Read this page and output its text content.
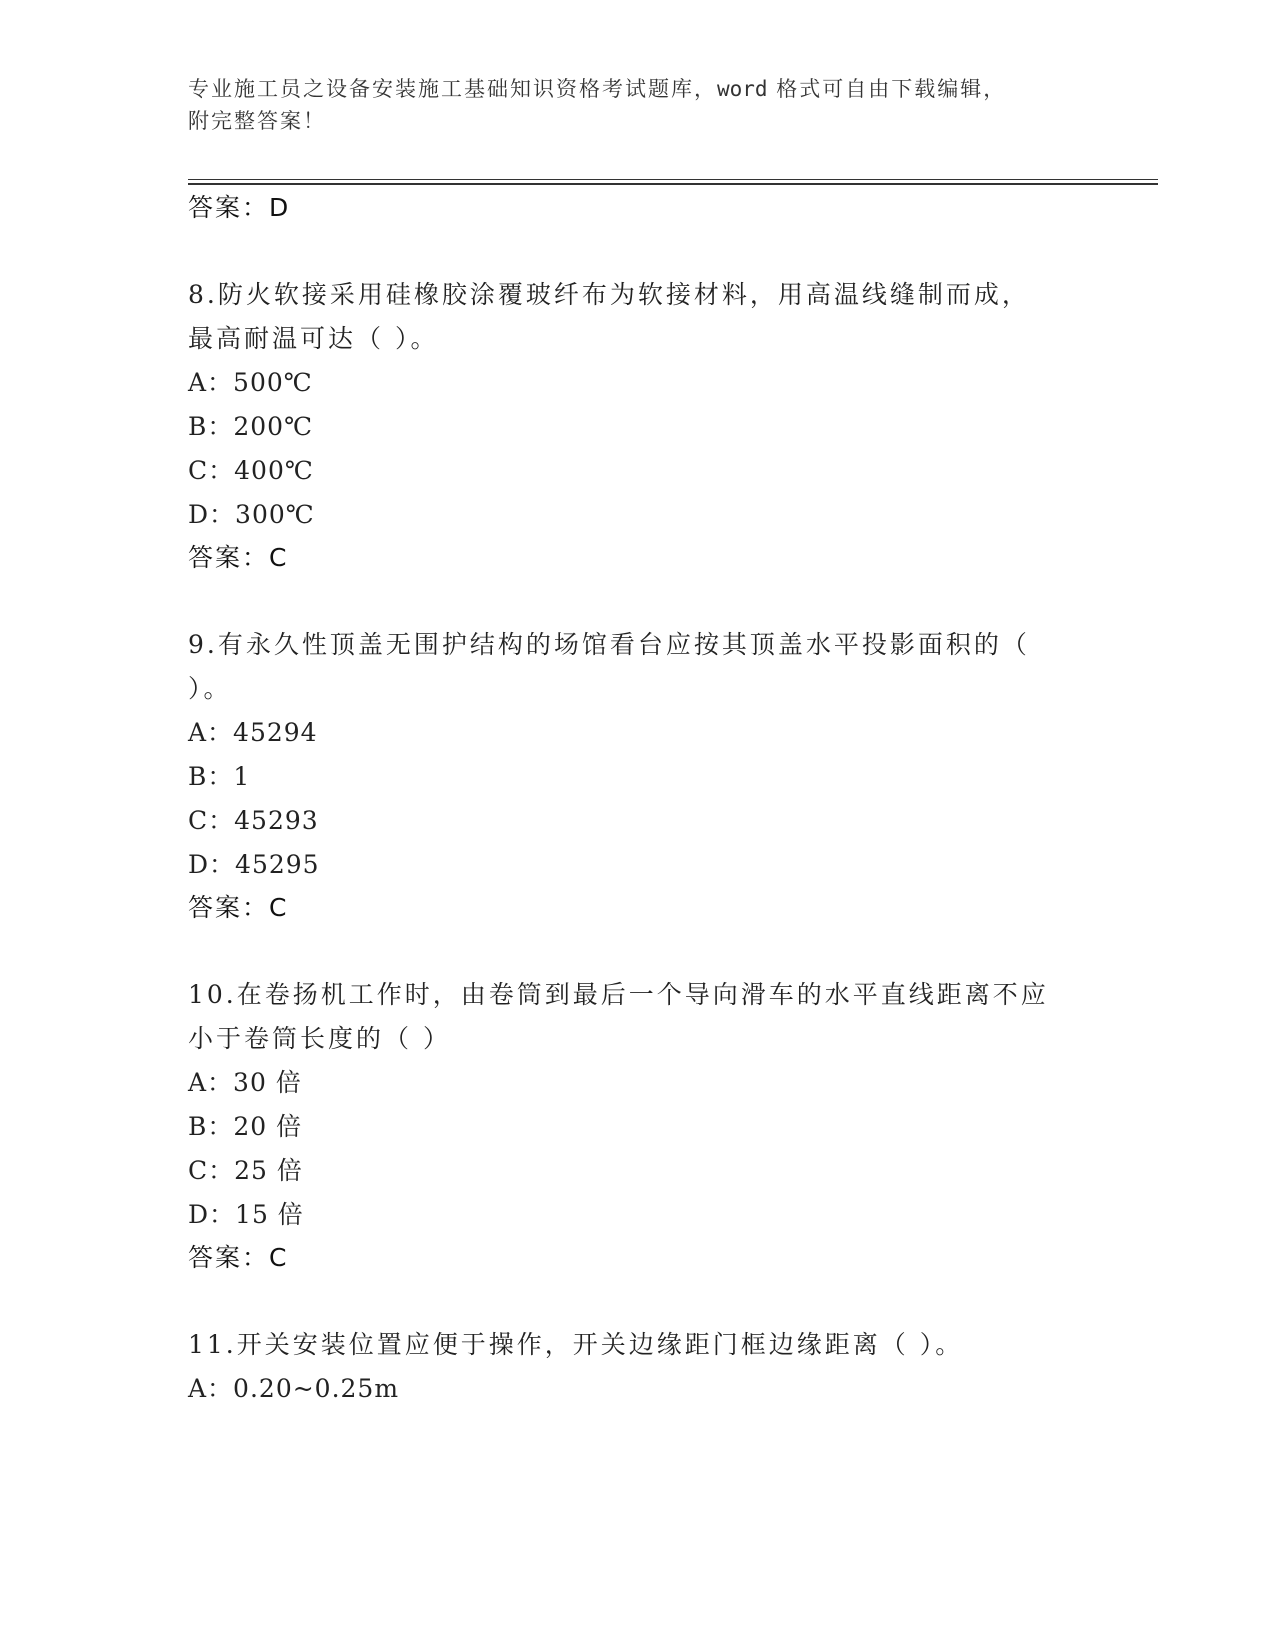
专业施工员之设备安装施工基础知识资格考试题库，word 格式可自由下载编辑，
附完整答案！
答案：D
8.防火软接采用硅橡胶涂覆玻纤布为软接材料，用高温线缝制而成，
最高耐温可达（ ）。
A：500℃
B：200℃
C：400℃
D：300℃
答案：C
9.有永久性顶盖无围护结构的场馆看台应按其顶盖水平投影面积的（
）。
A：45294
B：1
C：45293
D：45295
答案：C
10.在卷扬机工作时，由卷筒到最后一个导向滑车的水平直线距离不应
小于卷筒长度的（ ）
A：30 倍
B：20 倍
C：25 倍
D：15 倍
答案：C
11.开关安装位置应便于操作，开关边缘距门框边缘距离（ ）。
A：0.20~0.25m
